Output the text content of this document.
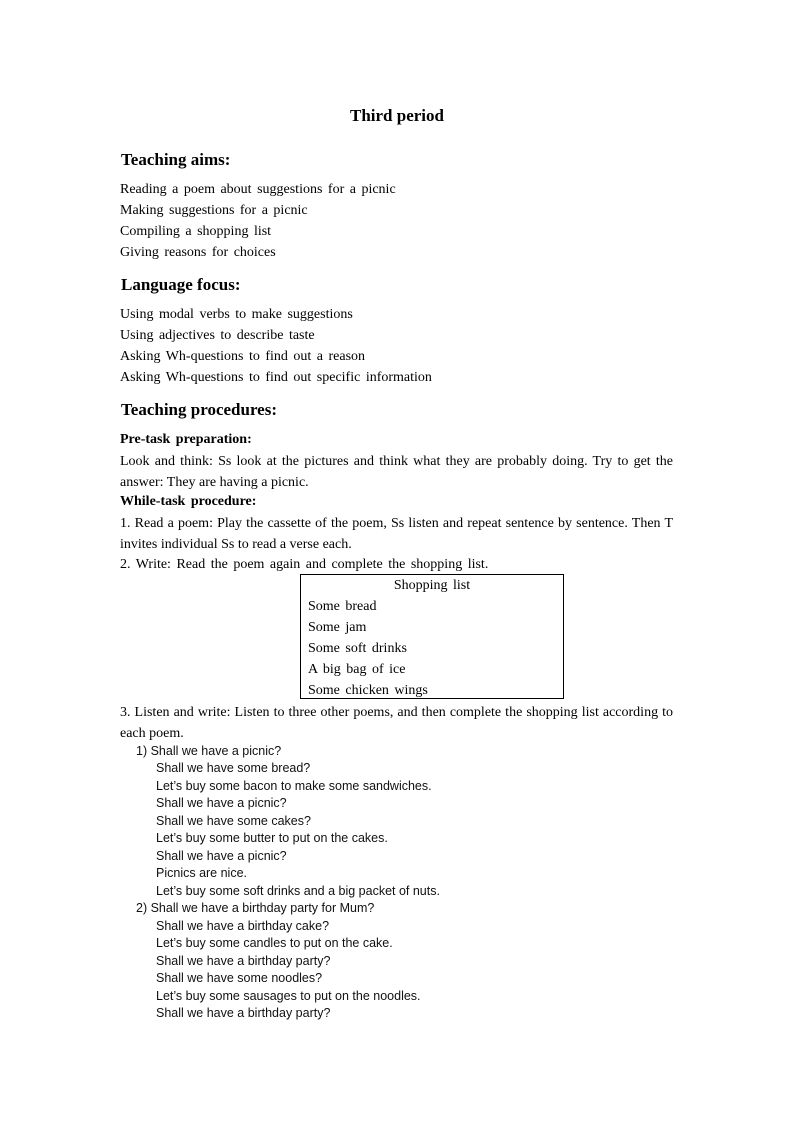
Third period
Teaching aims:
Reading a poem about suggestions for a picnic
Making suggestions for a picnic
Compiling a shopping list
Giving reasons for choices
Language focus:
Using modal verbs to make suggestions
Using adjectives to describe taste
Asking Wh-questions to find out a reason
Asking Wh-questions to find out specific information
Teaching procedures:
Pre-task preparation:
Look and think: Ss look at the pictures and think what they are probably doing. Try to get the answer: They are having a picnic.
While-task procedure:
1. Read a poem: Play the cassette of the poem, Ss listen and repeat sentence by sentence. Then T invites individual Ss to read a verse each.
2. Write: Read the poem again and complete the shopping list.
Shopping list
Some bread
Some jam
Some soft drinks
A big bag of ice
Some chicken wings
3. Listen and write: Listen to three other poems, and then complete the shopping list according to each poem.
1) Shall we have a picnic?
Shall we have some bread?
Let’s buy some bacon to make some sandwiches.
Shall we have a picnic?
Shall we have some cakes?
Let’s buy some butter to put on the cakes.
Shall we have a picnic?
Picnics are nice.
Let’s buy some soft drinks and a big packet of nuts.
2) Shall we have a birthday party for Mum?
Shall we have a birthday cake?
Let’s buy some candles to put on the cake.
Shall we have a birthday party?
Shall we have some noodles?
Let’s buy some sausages to put on the noodles.
Shall we have a birthday party?
